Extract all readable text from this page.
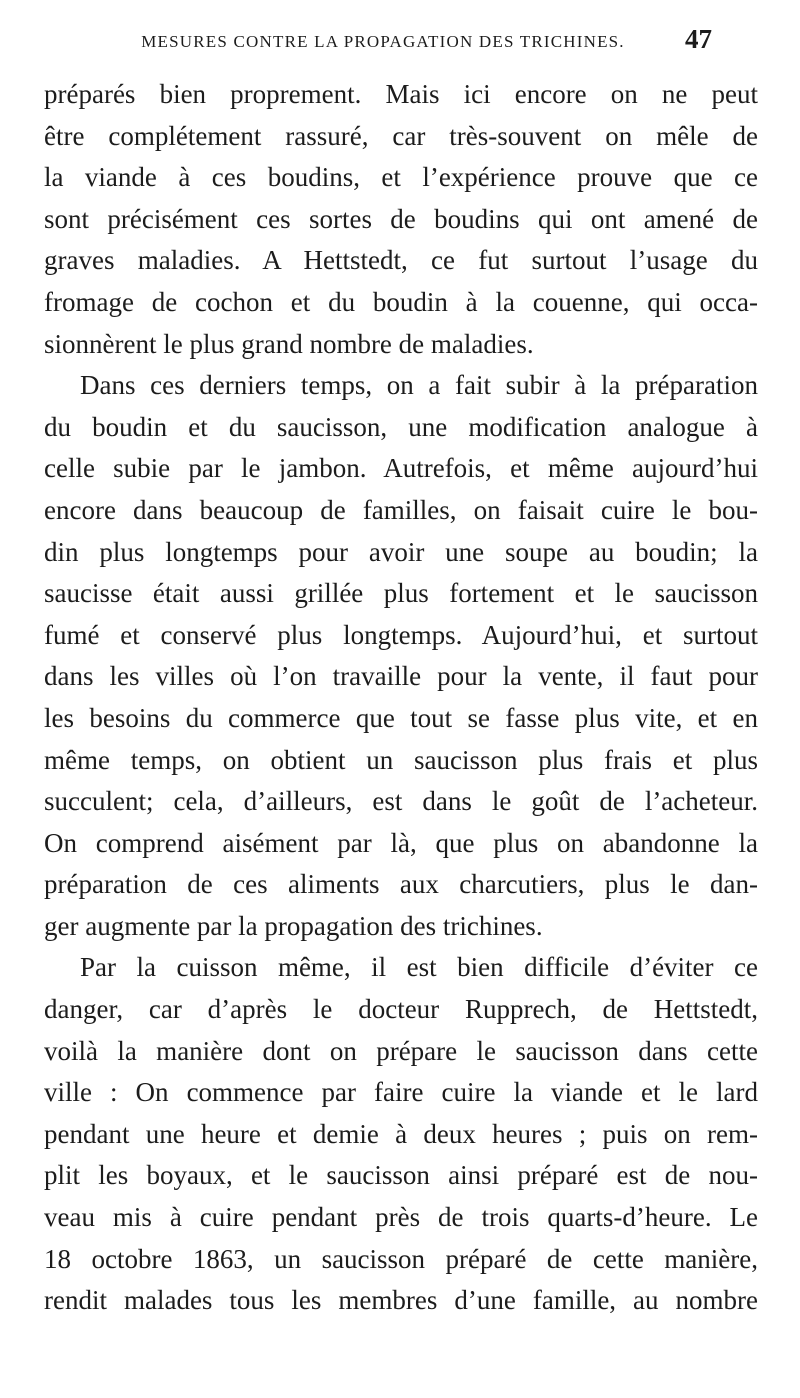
MESURES CONTRE LA PROPAGATION DES TRICHINES.	47
préparés bien proprement. Mais ici encore on ne peut
être complétement rassuré, car très-souvent on mêle de
la viande à ces boudins, et l’expérience prouve que ce
sont précisément ces sortes de boudins qui ont amené de
graves maladies. A Hettstedt, ce fut surtout l’usage du
fromage de cochon et du boudin à la couenne, qui occa-
sionnèrent le plus grand nombre de maladies.
Dans ces derniers temps, on a fait subir à la préparation
du boudin et du saucisson, une modification analogue à
celle subie par le jambon. Autrefois, et même aujourd’hui
encore dans beaucoup de familles, on faisait cuire le bou-
din plus longtemps pour avoir une soupe au boudin; la
saucisse était aussi grillée plus fortement et le saucisson
fumé et conservé plus longtemps. Aujourd’hui, et surtout
dans les villes où l’on travaille pour la vente, il faut pour
les besoins du commerce que tout se fasse plus vite, et en
même temps, on obtient un saucisson plus frais et plus
succulent; cela, d’ailleurs, est dans le goût de l’acheteur.
On comprend aisément par là, que plus on abandonne la
préparation de ces aliments aux charcutiers, plus le dan-
ger augmente par la propagation des trichines.
Par la cuisson même, il est bien difficile d’éviter ce
danger, car d’après le docteur Rupprech, de Hettstedt,
voilà la manière dont on prépare le saucisson dans cette
ville : On commence par faire cuire la viande et le lard
pendant une heure et demie à deux heures ; puis on rem-
plit les boyaux, et le saucisson ainsi préparé est de nou-
veau mis à cuire pendant près de trois quarts-d’heure. Le
18 octobre 1863, un saucisson préparé de cette manière,
rendit malades tous les membres d’une famille, au nombre
